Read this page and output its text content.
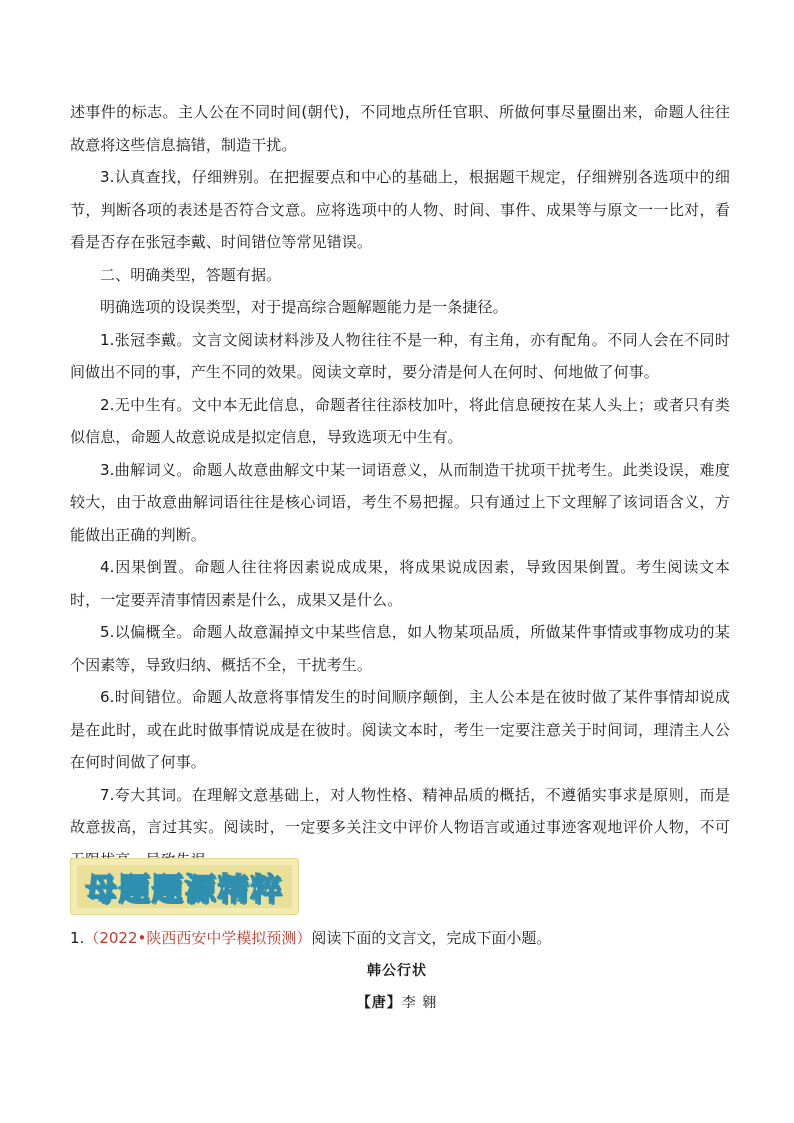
述事件的标志。主人公在不同时间(朝代)，不同地点所任官职、所做何事尽量圈出来，命题人往往故意将这些信息搞错，制造干扰。

3.认真查找，仔细辨别。在把握要点和中心的基础上，根据题干规定，仔细辨别各选项中的细节，判断各项的表述是否符合文意。应将选项中的人物、时间、事件、成果等与原文一一比对，看看是否存在张冠李戴、时间错位等常见错误。

二、明确类型，答题有据。

明确选项的设误类型，对于提高综合题解题能力是一条捷径。

1.张冠李戴。文言文阅读材料涉及人物往往不是一种，有主角，亦有配角。不同人会在不同时间做出不同的事，产生不同的效果。阅读文章时，要分清是何人在何时、何地做了何事。

2.无中生有。文中本无此信息，命题者往往添枝加叶，将此信息硬按在某人头上；或者只有类似信息，命题人故意说成是拟定信息，导致选项无中生有。

3.曲解词义。命题人故意曲解文中某一词语意义，从而制造干扰项干扰考生。此类设误，难度较大，由于故意曲解词语往往是核心词语，考生不易把握。只有通过上下文理解了该词语含义，方能做出正确的判断。

4.因果倒置。命题人往往将因素说成成果，将成果说成因素，导致因果倒置。考生阅读文本时，一定要弄清事情因素是什么，成果又是什么。

5.以偏概全。命题人故意漏掉文中某些信息，如人物某项品质，所做某件事情或事物成功的某个因素等，导致归纳、概括不全，干扰考生。

6.时间错位。命题人故意将事情发生的时间顺序颠倒，主人公本是在彼时做了某件事情却说成是在此时，或在此时做事情说成是在彼时。阅读文本时，考生一定要注意关于时间词，理清主人公在何时间做了何事。

7.夸大其词。在理解文意基础上，对人物性格、精神品质的概括，不遵循实事求是原则，而是故意拔高，言过其实。阅读时，一定要多关注文中评价人物语言或通过事迹客观地评价人物，不可

母题题源精粹
1.（2022•陕西西安中学模拟预测）阅读下面的文言文，完成下面小题。
韩公行状
【唐】李 翱
